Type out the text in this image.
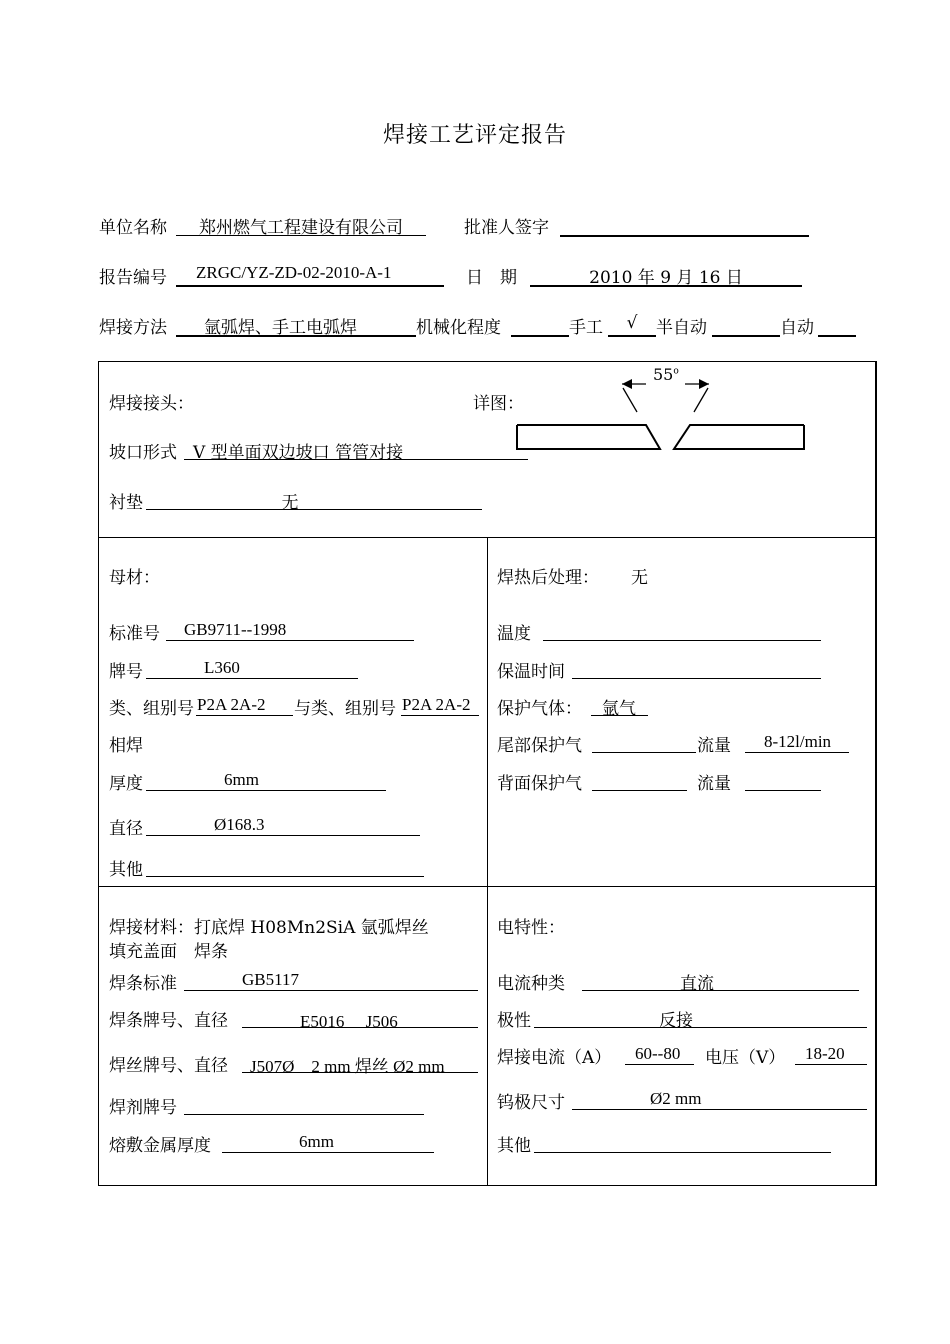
焊接工艺评定报告
单位名称	郑州燃气工程建设有限公司	批准人签字
报告编号	ZRGC/YZ-ZD-02-2010-A-1	日　期	2010 年 9 月 16 日
焊接方法	氩弧焊、手工电弧焊	机械化程度	手工	√	半自动	自动
焊接接头：	详图：
坡口形式 V 型单面双边坡口 管管对接
衬垫	无
55$^o$
母材：
标准号 GB9711--1998
牌号	L360
类、组别号 P2A 2A-2 与类、组别号 P2A 2A-2
相焊
厚度	6mm
直径	Ø168.3
其他
焊热后处理： 无
温度
保温时间
保护气体： 氩气
尾部保护气	流量 8-12l/min
背面保护气	流量
焊接材料：打底焊 H08Mn2SiA 氩弧焊丝
填充盖面　焊条
焊条标准	GB5117
焊条牌号、直径	E5016　 J506
焊丝牌号、直径 J507Ø　2 mm 焊丝 Ø2 mm
焊剂牌号
熔敷金属厚度	6mm
电特性：
电流种类	直流
极性	反接
焊接电流（A） 60--80 电压（V） 18-20
钨极尺寸	Ø2 mm
其他
